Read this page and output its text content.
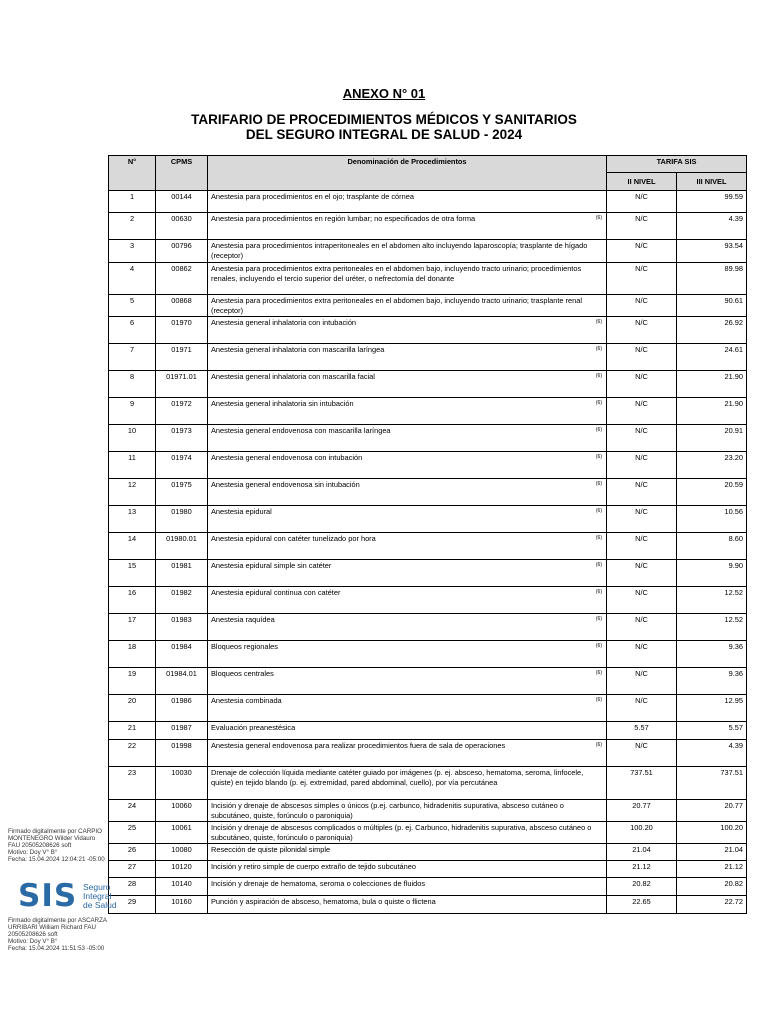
ANEXO N° 01
TARIFARIO DE PROCEDIMIENTOS MÉDICOS Y SANITARIOS
DEL SEGURO INTEGRAL DE SALUD - 2024
N°	CPMS	Denominación de Procedimientos	TARIFA SIS	
			II NIVEL	III NIVEL
1	00144	Anestesia para procedimientos en el ojo; trasplante de córnea	N/C	99.59
2	00630	Anestesia para procedimientos en región lumbar; no especificados de otra forma (6)	N/C	4.39
3	00796	Anestesia para procedimientos intraperitoneales en el abdomen alto incluyendo laparoscopía; trasplante de hígado (receptor)	N/C	93.54
4	00862	Anestesia para procedimientos extra peritoneales en el abdomen bajo, incluyendo tracto urinario; procedimientos renales, incluyendo el tercio superior del uréter, o nefrectomía del donante	N/C	89.98
5	00868	Anestesia para procedimientos extra peritoneales en el abdomen bajo, incluyendo tracto urinario; trasplante renal (receptor)	N/C	90.61
6	01970	Anestesia general inhalatoria con intubación (6)	N/C	26.92
7	01971	Anestesia general inhalatoria con mascarilla laríngea (6)	N/C	24.61
8	01971.01	Anestesia general inhalatoria con mascarilla facial (6)	N/C	21.90
9	01972	Anestesia general inhalatoria sin intubación (6)	N/C	21.90
10	01973	Anestesia general endovenosa con mascarilla laríngea (6)	N/C	20.91
11	01974	Anestesia general endovenosa con intubación (6)	N/C	23.20
12	01975	Anestesia general endovenosa sin intubación (6)	N/C	20.59
13	01980	Anestesia epidural (6)	N/C	10.56
14	01980.01	Anestesia epidural con catéter tunelizado por hora (6)	N/C	8.60
15	01981	Anestesia epidural simple sin catéter (6)	N/C	9.90
16	01982	Anestesia epidural continua con catéter (6)	N/C	12.52
17	01983	Anestesia raquídea (6)	N/C	12.52
18	01984	Bloqueos regionales (6)	N/C	9.36
19	01984.01	Bloqueos centrales (6)	N/C	9.36
20	01986	Anestesia combinada (6)	N/C	12.95
21	01987	Evaluación preanestésica	5.57	5.57
22	01998	Anestesia general endovenosa para realizar procedimientos fuera de sala de operaciones (6)	N/C	4.39
23	10030	Drenaje de colección líquida mediante catéter guiado por imágenes (p. ej. absceso, hematoma, seroma, linfocele, quiste) en tejido blando (p. ej. extremidad, pared abdominal, cuello), por vía percutánea	737.51	737.51
24	10060	Incisión y drenaje de abscesos simples o únicos (p.ej. carbunco, hidradenitis supurativa, absceso cutáneo o subcutáneo, quiste, forúnculo o paroniquia)	20.77	20.77
25	10061	Incisión y drenaje de abscesos complicados o múltiples (p. ej. Carbunco, hidradenitis supurativa, absceso cutáneo o subcutáneo, quiste, forúnculo o paroniquia)	100.20	100.20
26	10080	Resección de quiste pilonidal simple	21.04	21.04
27	10120	Incisión y retiro simple de cuerpo extraño de tejido subcutáneo	21.12	21.12
28	10140	Incisión y drenaje de hematoma, seroma o colecciones de fluidos	20.82	20.82
29	10160	Punción y aspiración de absceso, hematoma, bula o quiste o flictena	22.65	22.72
Firmado digitalmente por CARPIO
MONTENEGRO Wilder Vidauro
FAU 20505208626 soft
Motivo: Doy V° B°
Fecha: 15.04.2024 12:04:21 -05:00
SIS Seguro
Integral
de Salud
Firmado digitalmente por ASCARZA
URRIBARI William Richard FAU
20505208626 soft
Motivo: Doy V° B°
Fecha: 15.04.2024 11:51:53 -05:00
